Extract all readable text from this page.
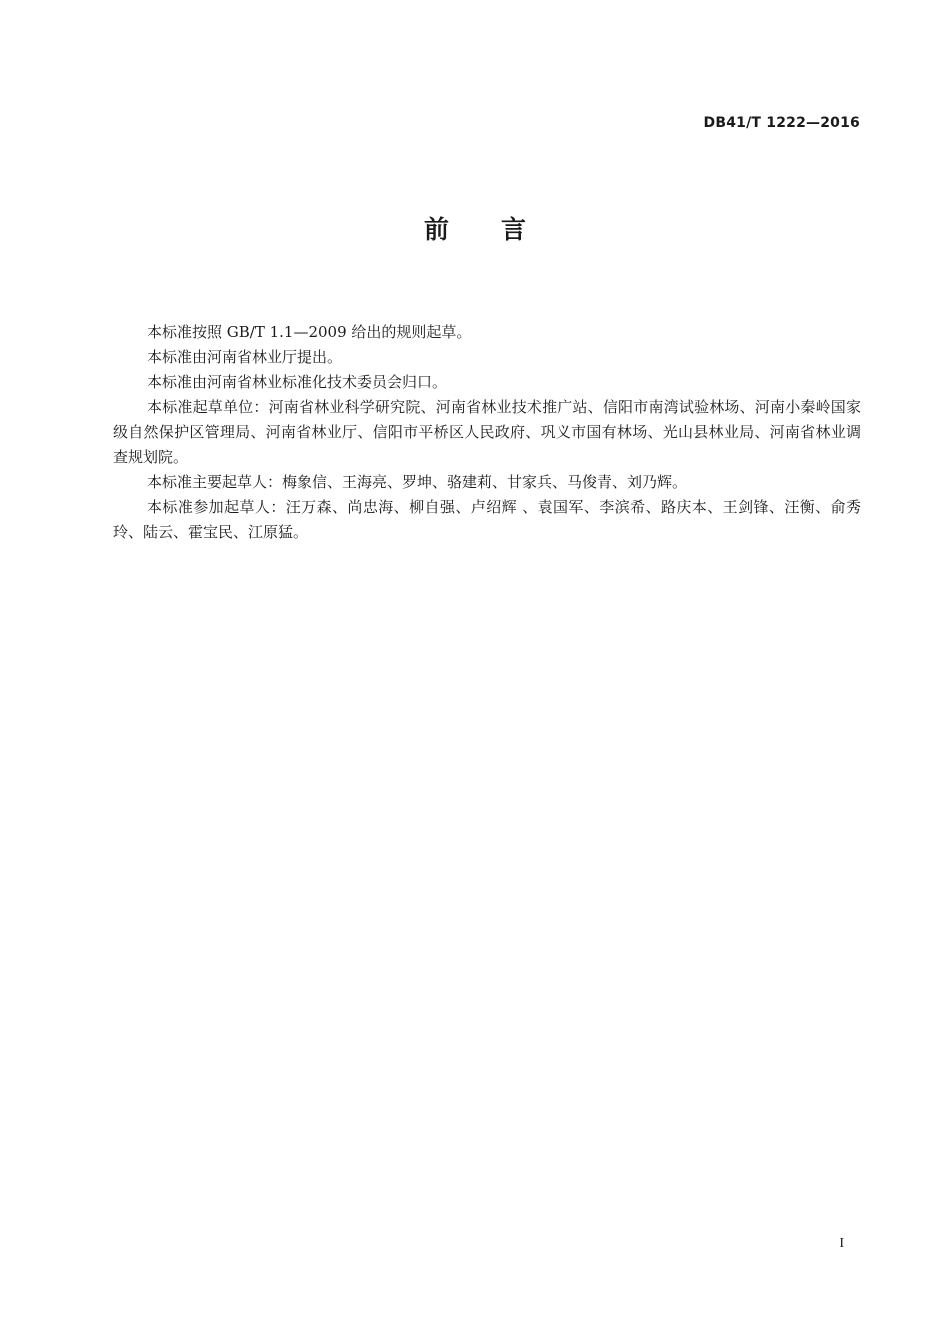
DB41/T 1222—2016
前言

本标准按照 GB/T 1.1—2009 给出的规则起草。

本标准由河南省林业厅提出。

本标准由河南省林业标准化技术委员会归口。

本标准起草单位：河南省林业科学研究院、河南省林业技术推广站、信阳市南湾试验林场、河南小秦岭国家级自然保护区管理局、河南省林业厅、信阳市平桥区人民政府、巩义市国有林场、光山县林业局、河南省林业调查规划院。

本标准主要起草人：梅象信、王海亮、罗坤、骆建莉、甘家兵、马俊青、刘乃辉。

本标准参加起草人：汪万森、尚忠海、柳自强、卢绍辉 、袁国军、李滨希、路庆本、王剑锋、汪衡、俞秀玲、陆云、霍宝民、江原猛。

I
